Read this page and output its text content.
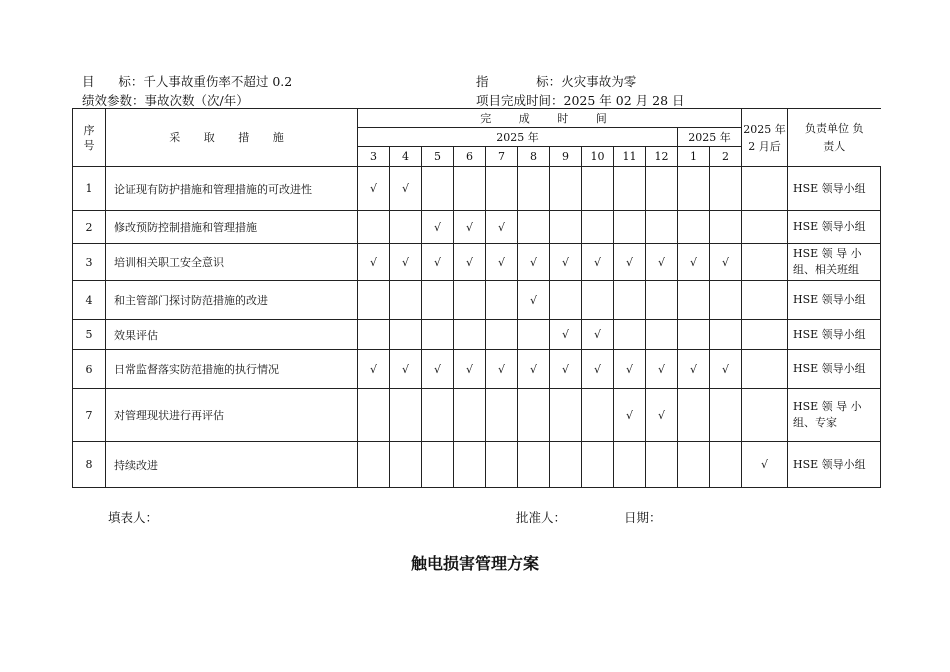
目      标：千人事故重伤率不超过 0.2
绩效参数：事故次数（次/年）
指            标：火灾事故为零
项目完成时间：2025 年 02 月 28 日
序号	采 取 措 施	完 成 时 间												2025 年 2 月后	负责单位 负责人
		2025 年										2025 年			
		3	4	5	6	7	8	9	10	11	12	1	2		
1	论证现有防护措施和管理措施的可改进性	√	√												HSE 领导小组
2	修改预防控制措施和管理措施			√	√	√									HSE 领导小组
3	培训相关职工安全意识	√	√	√	√	√	√	√	√	√	√	√	√		HSE 领 导 小组、相关班组
4	和主管部门探讨防范措施的改进						√								HSE 领导小组
5	效果评估							√	√						HSE 领导小组
6	日常监督落实防范措施的执行情况	√	√	√	√	√	√	√	√	√	√	√	√		HSE 领导小组
7	对管理现状进行再评估									√	√				HSE 领 导 小组、专家
8	持续改进													√	HSE 领导小组
填表人：	批准人：	日期：
触电损害管理方案
